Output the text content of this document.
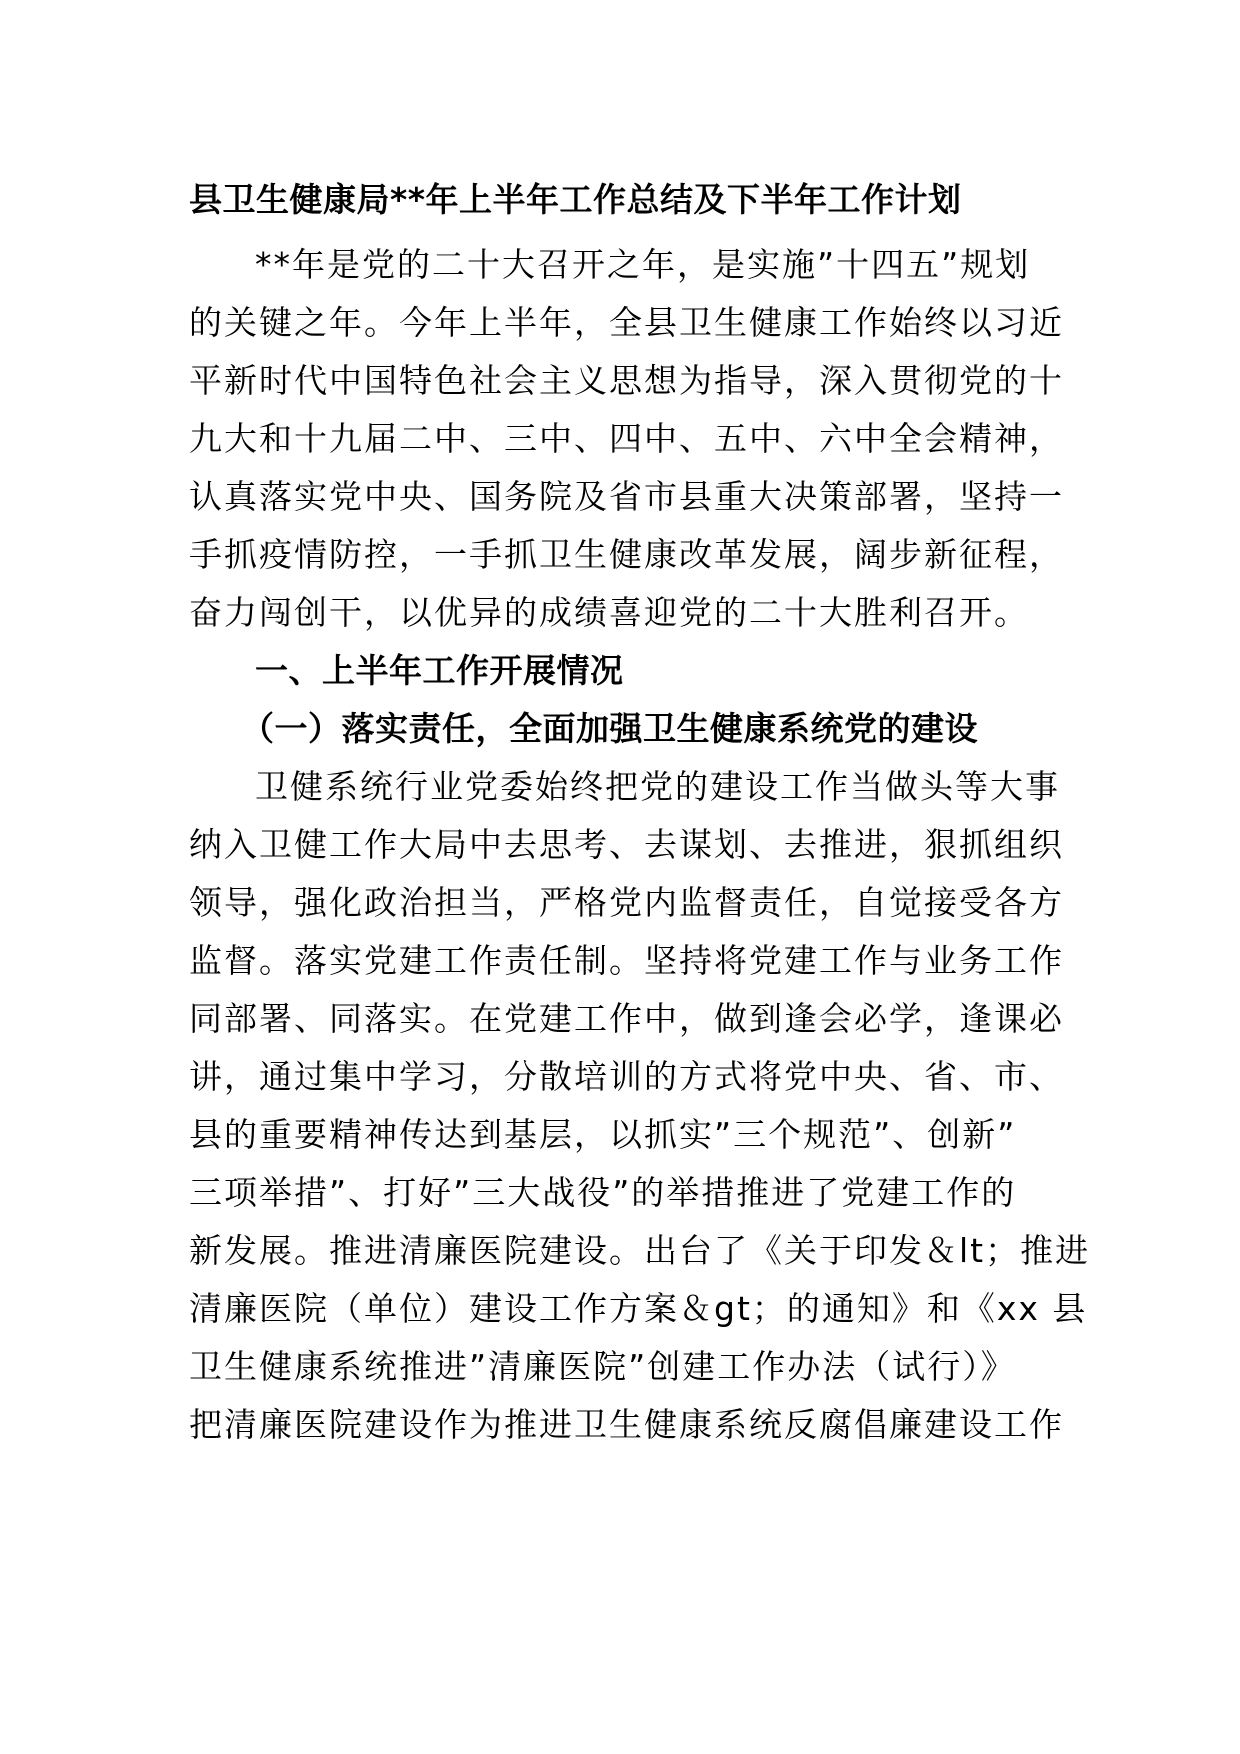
县卫生健康局**年上半年工作总结及下半年工作计划
**年是党的二十大召开之年，是实施”十四五”规划
的关键之年。今年上半年，全县卫生健康工作始终以习近
平新时代中国特色社会主义思想为指导，深入贯彻党的十
九大和十九届二中、三中、四中、五中、六中全会精神，
认真落实党中央、国务院及省市县重大决策部署，坚持一
手抓疫情防控，一手抓卫生健康改革发展，阔步新征程，
奋力闯创干，以优异的成绩喜迎党的二十大胜利召开。
一、上半年工作开展情况
（一）落实责任，全面加强卫生健康系统党的建设
卫健系统行业党委始终把党的建设工作当做头等大事
纳入卫健工作大局中去思考、去谋划、去推进，狠抓组织
领导，强化政治担当，严格党内监督责任，自觉接受各方
监督。落实党建工作责任制。坚持将党建工作与业务工作
同部署、同落实。在党建工作中，做到逢会必学，逢课必
讲，通过集中学习，分散培训的方式将党中央、省、市、
县的重要精神传达到基层，以抓实”三个规范”、创新”
三项举措”、打好”三大战役”的举措推进了党建工作的
新发展。推进清廉医院建设。出台了《关于印发＆lt；推进
清廉医院（单位）建设工作方案＆gt；的通知》和《xx 县
卫生健康系统推进”清廉医院”创建工作办法（试行）》
把清廉医院建设作为推进卫生健康系统反腐倡廉建设工作
